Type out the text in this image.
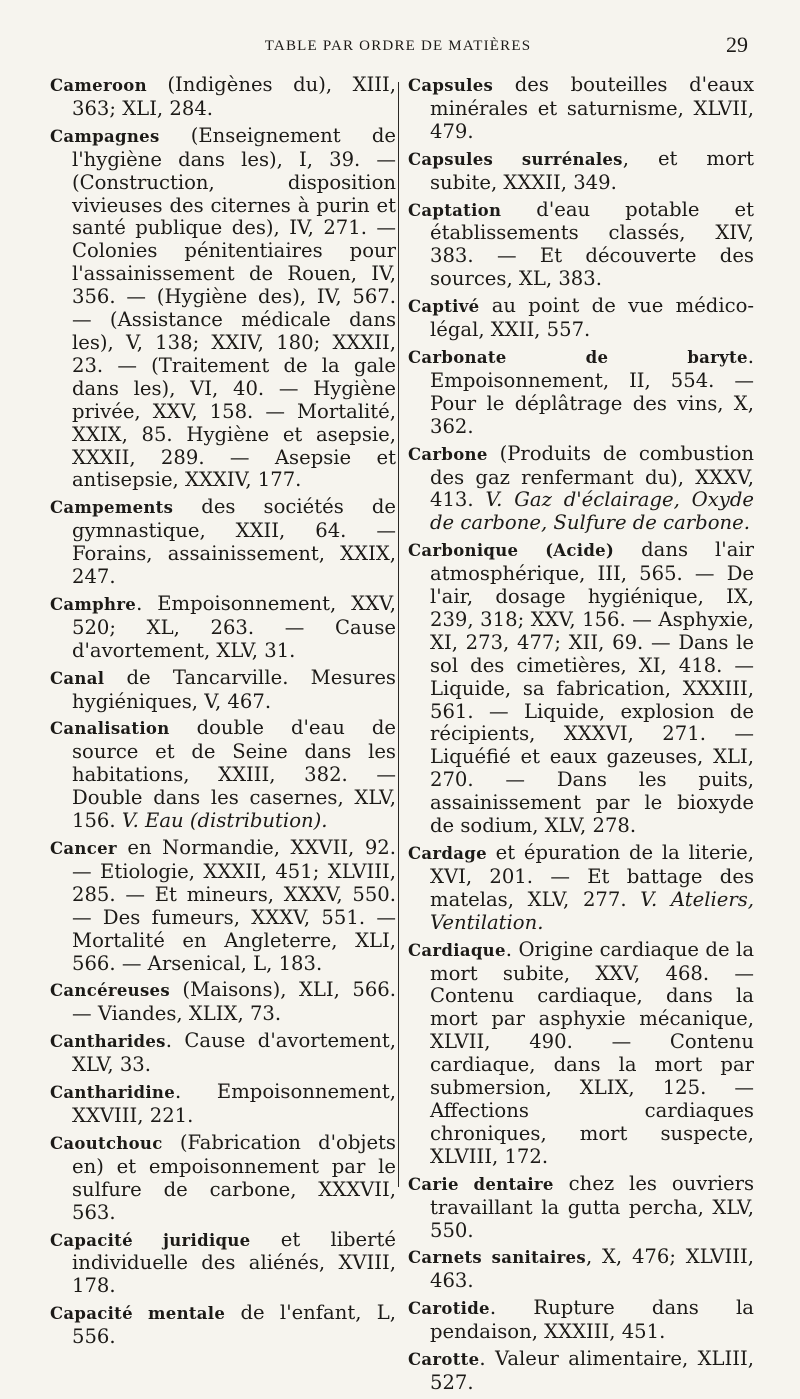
TABLE PAR ORDRE DE MATIÈRES	29

Cameroon (Indigènes du), XIII, 363; XLI, 284.

Campagnes (Enseignement de l'hygiène dans les), I, 39. — (Construction, disposition vivieuses des citernes à purin et santé publique des), IV, 271. — Colonies pénitentiaires pour l'assainissement de Rouen, IV, 356. — (Hygiène des), IV, 567. — (Assistance médicale dans les), V, 138; XXIV, 180; XXXII, 23. — (Traitement de la gale dans les), VI, 40. — Hygiène privée, XXV, 158. — Mortalité, XXIX, 85. Hygiène et asepsie, XXXII, 289. — Asepsie et antisepsie, XXXIV, 177.

Campements des sociétés de gymnastique, XXII, 64. — Forains, assainissement, XXIX, 247.

Camphre. Empoisonnement, XXV, 520; XL, 263. — Cause d'avortement, XLV, 31.

Canal de Tancarville. Mesures hygiéniques, V, 467.

Canalisation double d'eau de source et de Seine dans les habitations, XXIII, 382. — Double dans les casernes, XLV, 156. V. Eau (distribution).

Cancer en Normandie, XXVII, 92. — Etiologie, XXXII, 451; XLVIII, 285. — Et mineurs, XXXV, 550. — Des fumeurs, XXXV, 551. — Mortalité en Angleterre, XLI, 566. — Arsenical, L, 183.

Cancéreuses (Maisons), XLI, 566. — Viandes, XLIX, 73.

Cantharides. Cause d'avortement, XLV, 33.

Cantharidine. Empoisonnement, XXVIII, 221.

Caoutchouc (Fabrication d'objets en) et empoisonnement par le sulfure de carbone, XXXVII, 563.

Capacité juridique et liberté individuelle des aliénés, XVIII, 178.

Capacité mentale de l'enfant, L, 556.

Capsules des bouteilles d'eaux minérales et saturnisme, XLVII, 479.

Capsules surrénales, et mort subite, XXXII, 349.

Captation d'eau potable et établissements classés, XIV, 383. — Et découverte des sources, XL, 383.

Captivé au point de vue médico-légal, XXII, 557.

Carbonate de baryte. Empoisonnement, II, 554. — Pour le déplâtrage des vins, X, 362.

Carbone (Produits de combustion des gaz renfermant du), XXXV, 413. V. Gaz d'éclairage, Oxyde de carbone, Sulfure de carbone.

Carbonique (Acide) dans l'air atmosphérique, III, 565. — De l'air, dosage hygiénique, IX, 239, 318; XXV, 156. — Asphyxie, XI, 273, 477; XII, 69. — Dans le sol des cimetières, XI, 418. — Liquide, sa fabrication, XXXIII, 561. — Liquide, explosion de récipients, XXXVI, 271. — Liquéfié et eaux gazeuses, XLI, 270. — Dans les puits, assainissement par le bioxyde de sodium, XLV, 278.

Cardage et épuration de la literie, XVI, 201. — Et battage des matelas, XLV, 277. V. Ateliers, Ventilation.

Cardiaque. Origine cardiaque de la mort subite, XXV, 468. — Contenu cardiaque, dans la mort par asphyxie mécanique, XLVII, 490. — Contenu cardiaque, dans la mort par submersion, XLIX, 125. — Affections cardiaques chroniques, mort suspecte, XLVIII, 172.

Carie dentaire chez les ouvriers travaillant la gutta percha, XLV, 550.

Carnets sanitaires, X, 476; XLVIII, 463.

Carotide. Rupture dans la pendaison, XXXIII, 451.

Carotte. Valeur alimentaire, XLIII, 527.
